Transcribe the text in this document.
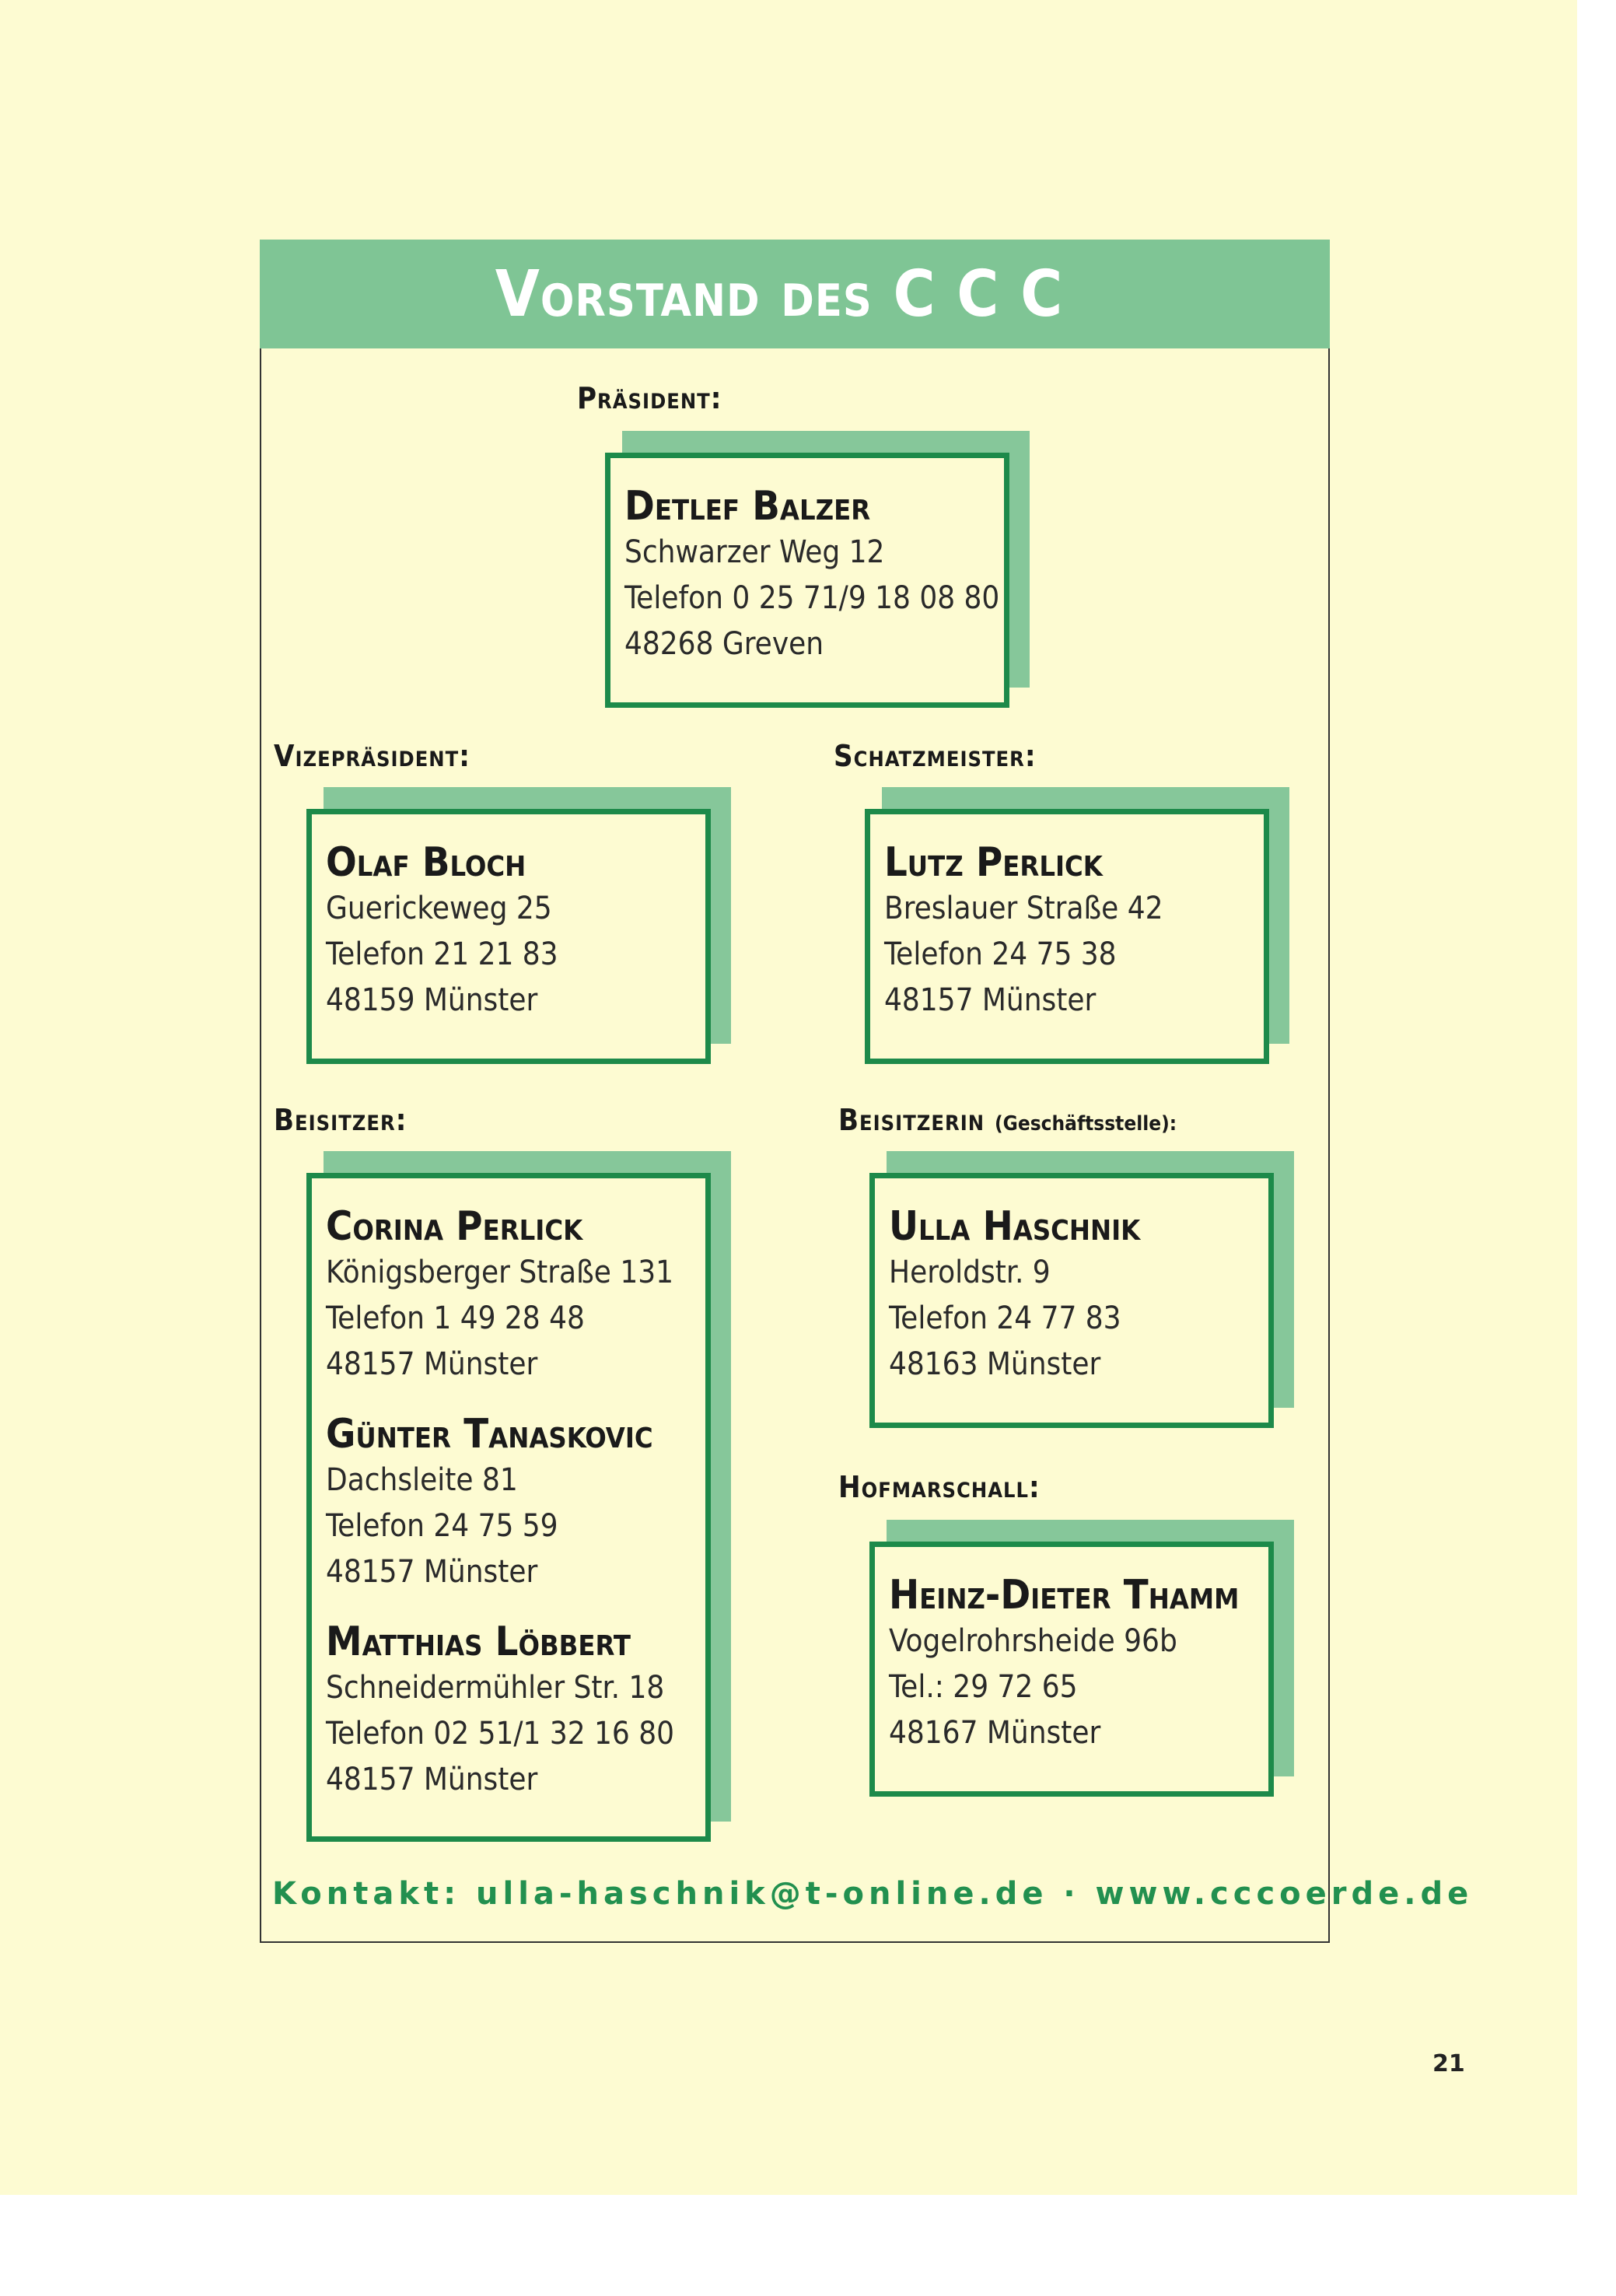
Vorstand des C C C
Präsident:
Detlef Balzer
Schwarzer Weg 12
Telefon 0 25 71/9 18 08 80
48268 Greven
Vizepräsident:
Olaf Bloch
Guerickeweg 25
Telefon 21 21 83
48159 Münster
Schatzmeister:
Lutz Perlick
Breslauer Straße 42
Telefon 24 75 38
48157 Münster
Beisitzer:
Corina Perlick
Königsberger Straße 131
Telefon 1 49 28 48
48157 Münster
Günter Tanaskovic
Dachsleite 81
Telefon 24 75 59
48157 Münster
Matthias Löbbert
Schneidermühler Str. 18
Telefon 02 51/1 32 16 80
48157 Münster
Beisitzerin (Geschäftsstelle):
Ulla Haschnik
Heroldstr. 9
Telefon 24 77 83
48163 Münster
Hofmarschall:
Heinz-Dieter Thamm
Vogelrohrsheide 96b
Tel.: 29 72 65
48167 Münster
Kontakt: ulla-haschnik@t-online.de · www.cccoerde.de
21
